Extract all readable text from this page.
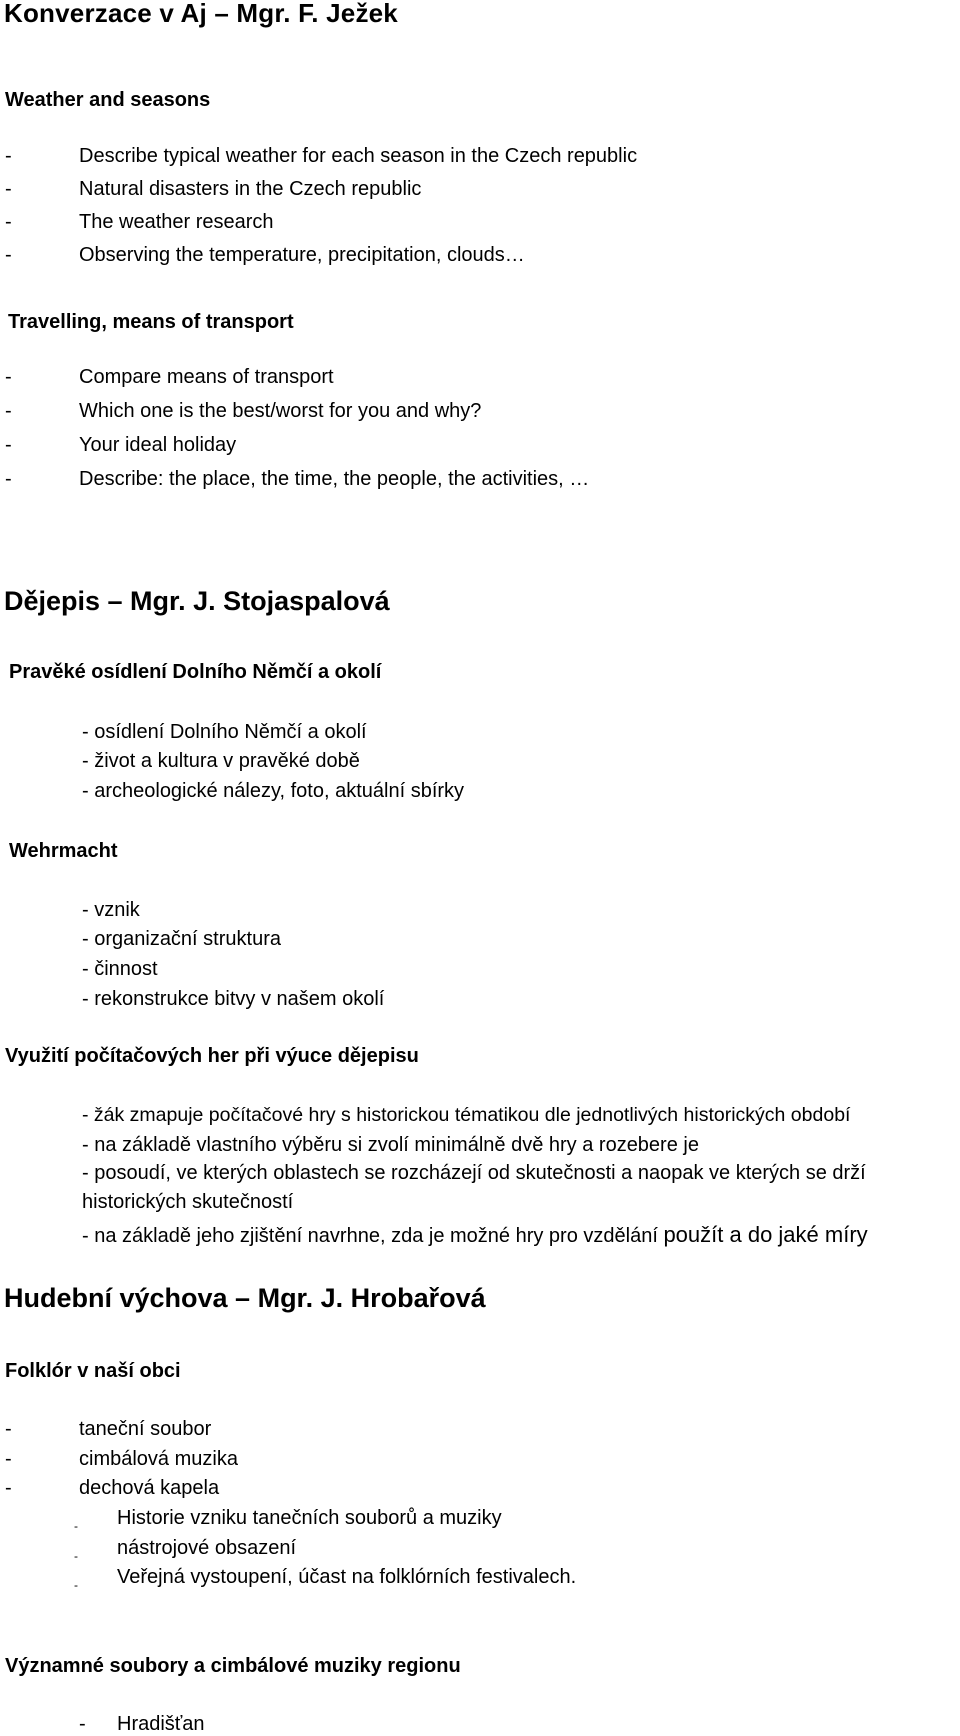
Konverzace v Aj – Mgr. F. Ježek
Weather and seasons
-	Describe typical weather for each season in the Czech republic
-	Natural disasters in the Czech republic
-	The weather research
-	Observing the temperature, precipitation, clouds…
Travelling, means of transport
-	Compare means of transport
-	Which one is the best/worst for you and why?
-	Your ideal holiday
-	Describe: the place, the time, the people, the activities, …
Dějepis – Mgr. J. Stojaspalová
Pravěké osídlení Dolního Němčí a okolí
- osídlení Dolního Němčí a okolí
- život a kultura v pravěké době
- archeologické nálezy, foto, aktuální sbírky
Wehrmacht
- vznik
- organizační struktura
- činnost
- rekonstrukce bitvy v našem okolí
Využití počítačových her při výuce dějepisu
- žák zmapuje počítačové hry s historickou tématikou dle jednotlivých historických období
- na základě vlastního výběru si zvolí minimálně dvě hry a rozebere je
- posoudí, ve kterých oblastech se rozcházejí od skutečnosti a naopak ve kterých se drží
historických skutečností
- na základě jeho zjištění navrhne, zda je možné hry pro vzdělání použít a do jaké míry
Hudební výchova – Mgr. J. Hrobařová
Folklór v naší obci
-	taneční soubor
-	cimbálová muzika
-	dechová kapela
$_-$ Historie vzniku tanečních souborů a muziky
$_-$ nástrojové obsazení
$_-$ Veřejná vystoupení, účast na folklórních festivalech.
Významné soubory a cimbálové muziky regionu
- Hradišťan
